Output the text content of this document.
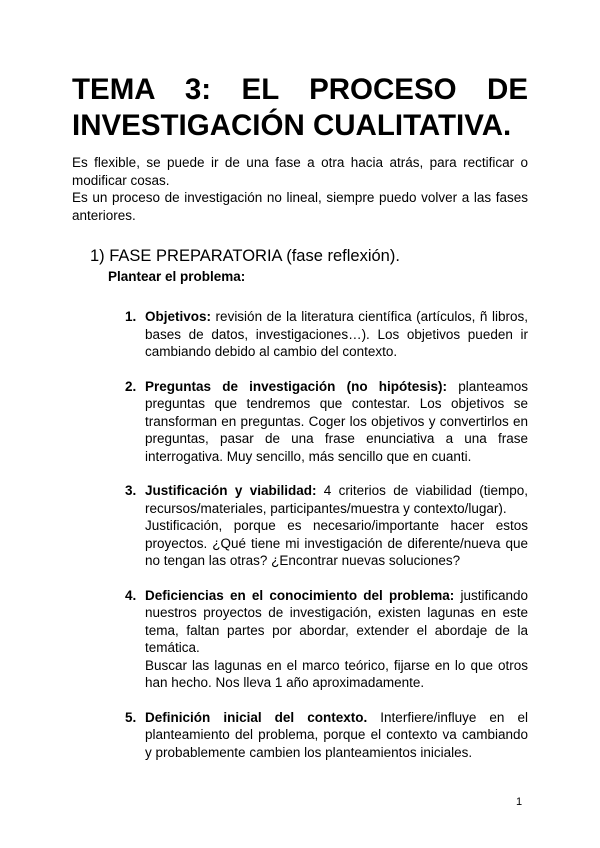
TEMA 3: EL PROCESO DE
INVESTIGACIÓN CUALITATIVA.

Es flexible, se puede ir de una fase a otra hacia atrás, para rectificar o modificar cosas.

Es un proceso de investigación no lineal, siempre puedo volver a las fases anteriores.

1) FASE PREPARATORIA (fase reflexión).
Plantear el problema:
1. Objetivos: revisión de la literatura científica (artículos, ñ libros, bases de datos, investigaciones…). Los objetivos pueden ir cambiando debido al cambio del contexto.

2. Preguntas de investigación (no hipótesis): planteamos preguntas que tendremos que contestar. Los objetivos se transforman en preguntas. Coger los objetivos y convertirlos en preguntas, pasar de una frase enunciativa a una frase interrogativa. Muy sencillo, más sencillo que en cuanti.

3. Justificación y viabilidad: 4 criterios de viabilidad (tiempo, recursos/materiales, participantes/muestra y contexto/lugar).

Justificación, porque es necesario/importante hacer estos proyectos. ¿Qué tiene mi investigación de diferente/nueva que no tengan las otras? ¿Encontrar nuevas soluciones?

4. Deficiencias en el conocimiento del problema: justificando nuestros proyectos de investigación, existen lagunas en este tema, faltan partes por abordar, extender el abordaje de la temática.

Buscar las lagunas en el marco teórico, fijarse en lo que otros han hecho. Nos lleva 1 año aproximadamente.

5. Definición inicial del contexto. Interfiere/influye en el planteamiento del problema, porque el contexto va cambiando y probablemente cambien los planteamientos iniciales.

1
